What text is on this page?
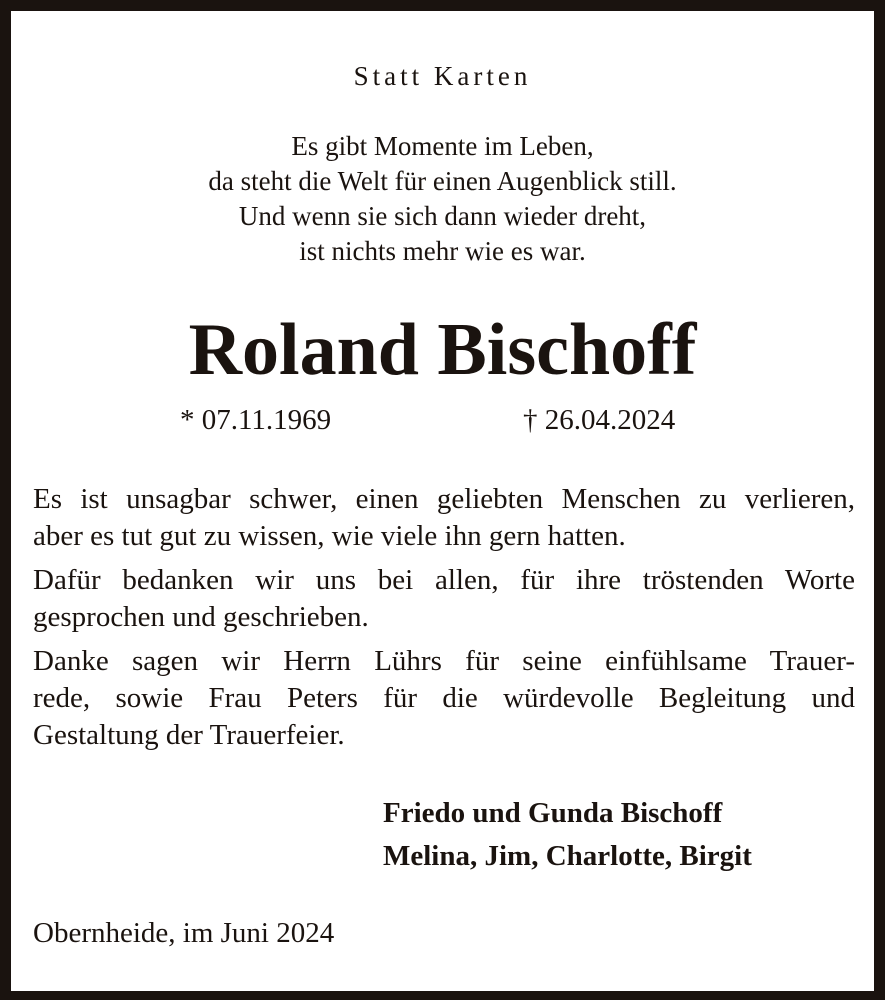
Statt Karten
Es gibt Momente im Leben,
da steht die Welt für einen Augenblick still.
Und wenn sie sich dann wieder dreht,
ist nichts mehr wie es war.
Roland Bischoff
* 07.11.1969	† 26.04.2024

Es ist unsagbar schwer, einen geliebten Menschen zu verlieren,
aber es tut gut zu wissen, wie viele ihn gern hatten.

Dafür bedanken wir uns bei allen, für ihre tröstenden Worte
gesprochen und geschrieben.

Danke sagen wir Herrn Lührs für seine einfühlsame Trauer-
rede, sowie Frau Peters für die würdevolle Begleitung und
Gestaltung der Trauerfeier.

Friedo und Gunda Bischoff
Melina, Jim, Charlotte, Birgit
Obernheide, im Juni 2024
